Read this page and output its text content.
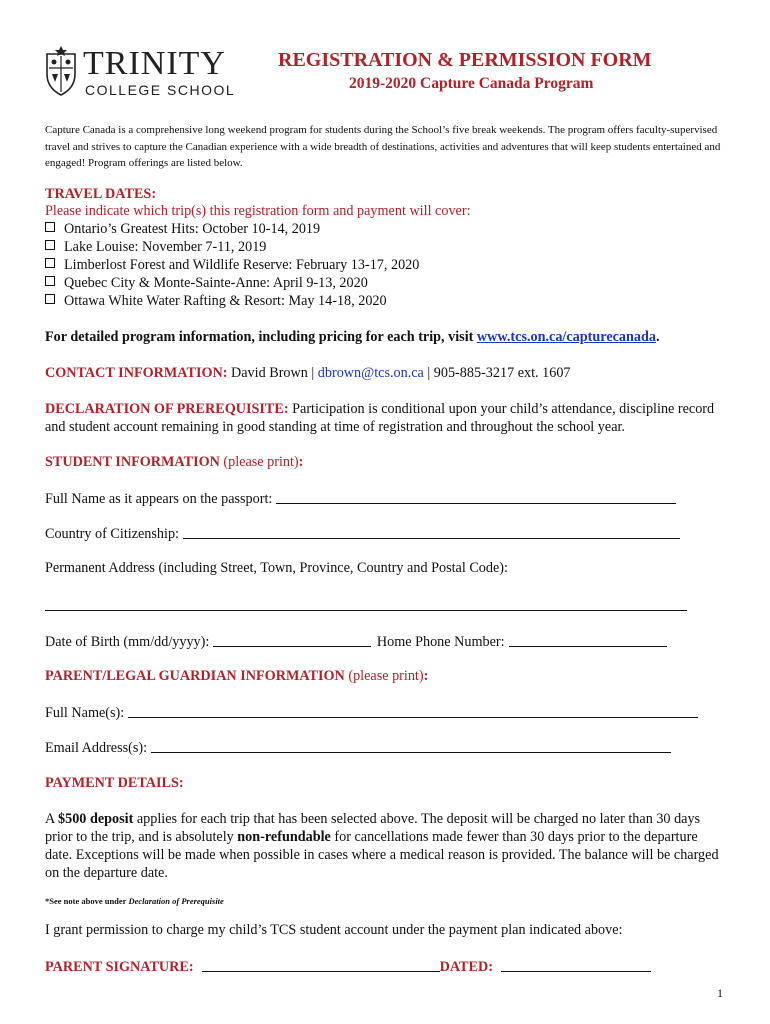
TRINITY
COLLEGE SCHOOL
REGISTRATION & PERMISSION FORM
2019-2020 Capture Canada Program
Capture Canada is a comprehensive long weekend program for students during the School’s five break weekends. The program offers faculty-supervised travel and strives to capture the Canadian experience with a wide breadth of destinations, activities and adventures that will keep students entertained and engaged! Program offerings are listed below.
TRAVEL DATES:
Please indicate which trip(s) this registration form and payment will cover:
Ontario’s Greatest Hits: October 10-14, 2019
Lake Louise: November 7-11, 2019
Limberlost Forest and Wildlife Reserve: February 13-17, 2020
Quebec City & Monte-Sainte-Anne: April 9-13, 2020
Ottawa White Water Rafting & Resort: May 14-18, 2020
For detailed program information, including pricing for each trip, visit www.tcs.on.ca/capturecanada.
CONTACT INFORMATION: David Brown | dbrown@tcs.on.ca | 905-885-3217 ext. 1607
DECLARATION OF PREREQUISITE: Participation is conditional upon your child’s attendance, discipline record and student account remaining in good standing at time of registration and throughout the school year.
STUDENT INFORMATION (please print):
Full Name as it appears on the passport:
Country of Citizenship:
Permanent Address (including Street, Town, Province, Country and Postal Code):
Date of Birth (mm/dd/yyyy):	Home Phone Number:
PARENT/LEGAL GUARDIAN INFORMATION (please print):
Full Name(s):
Email Address(s):
PAYMENT DETAILS:
A $500 deposit applies for each trip that has been selected above. The deposit will be charged no later than 30 days prior to the trip, and is absolutely non-refundable for cancellations made fewer than 30 days prior to the departure date. Exceptions will be made when possible in cases where a medical reason is provided. The balance will be charged on the departure date.
*See note above under Declaration of Prerequisite
I grant permission to charge my child’s TCS student account under the payment plan indicated above:
PARENT SIGNATURE:	DATED:
1
